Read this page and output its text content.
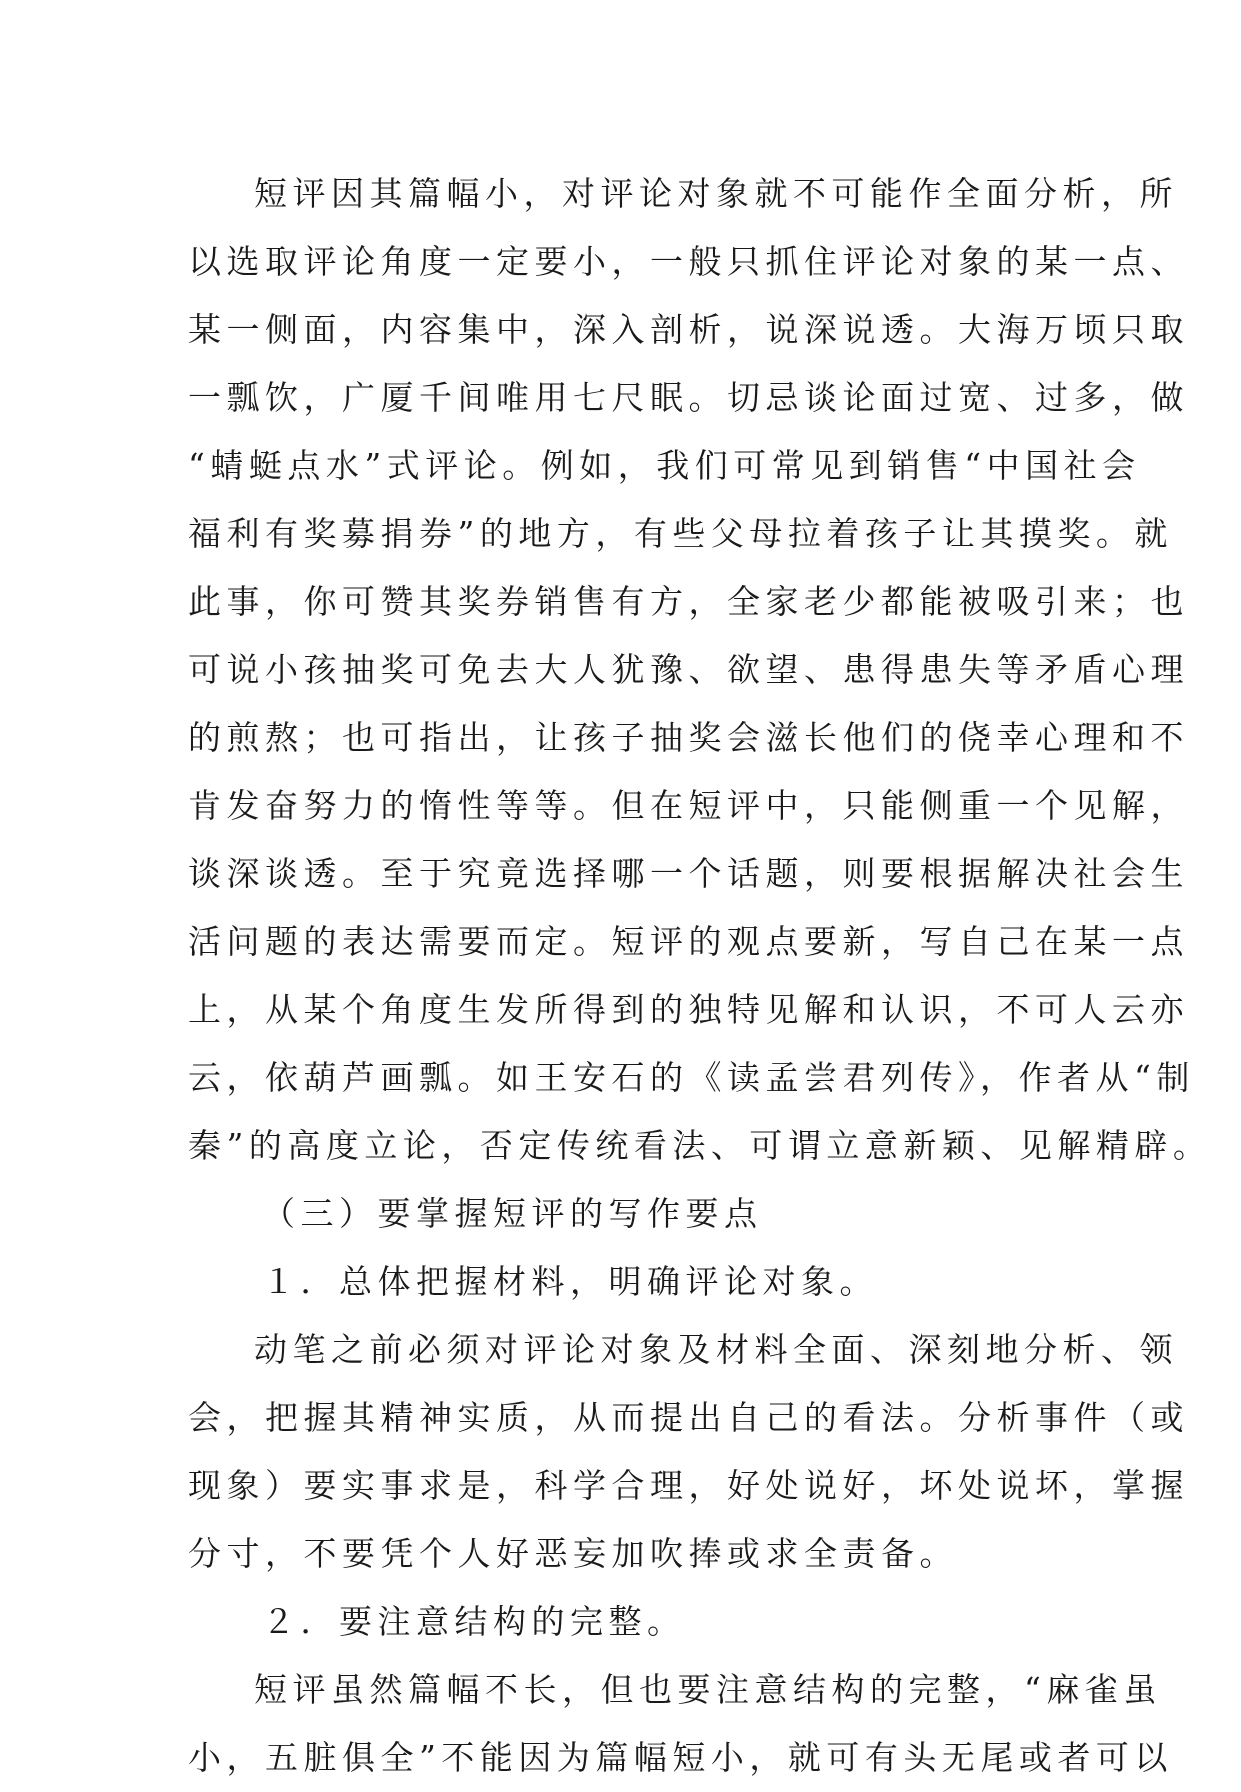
短评因其篇幅小，对评论对象就不可能作全面分析，所
以选取评论角度一定要小，一般只抓住评论对象的某一点、
某一侧面，内容集中，深入剖析，说深说透。大海万顷只取
一瓢饮，广厦千间唯用七尺眠。切忌谈论面过宽、过多，做
“蜻蜓点水”式评论。例如，我们可常见到销售“中国社会
福利有奖募捐券”的地方，有些父母拉着孩子让其摸奖。就
此事，你可赞其奖券销售有方，全家老少都能被吸引来；也
可说小孩抽奖可免去大人犹豫、欲望、患得患失等矛盾心理
的煎熬；也可指出，让孩子抽奖会滋长他们的侥幸心理和不
肯发奋努力的惰性等等。但在短评中，只能侧重一个见解，
谈深谈透。至于究竟选择哪一个话题，则要根据解决社会生
活问题的表达需要而定。短评的观点要新，写自己在某一点
上，从某个角度生发所得到的独特见解和认识，不可人云亦
云，依葫芦画瓢。如王安石的《读孟尝君列传》，作者从“制
秦”的高度立论，否定传统看法、可谓立意新颖、见解精辟。
（三）要掌握短评的写作要点
１．总体把握材料，明确评论对象。
动笔之前必须对评论对象及材料全面、深刻地分析、领
会，把握其精神实质，从而提出自己的看法。分析事件（或
现象）要实事求是，科学合理，好处说好，坏处说坏，掌握
分寸，不要凭个人好恶妄加吹捧或求全责备。
２．要注意结构的完整。
短评虽然篇幅不长，但也要注意结构的完整，“麻雀虽
小，五脏俱全”不能因为篇幅短小，就可有头无尾或者可以
